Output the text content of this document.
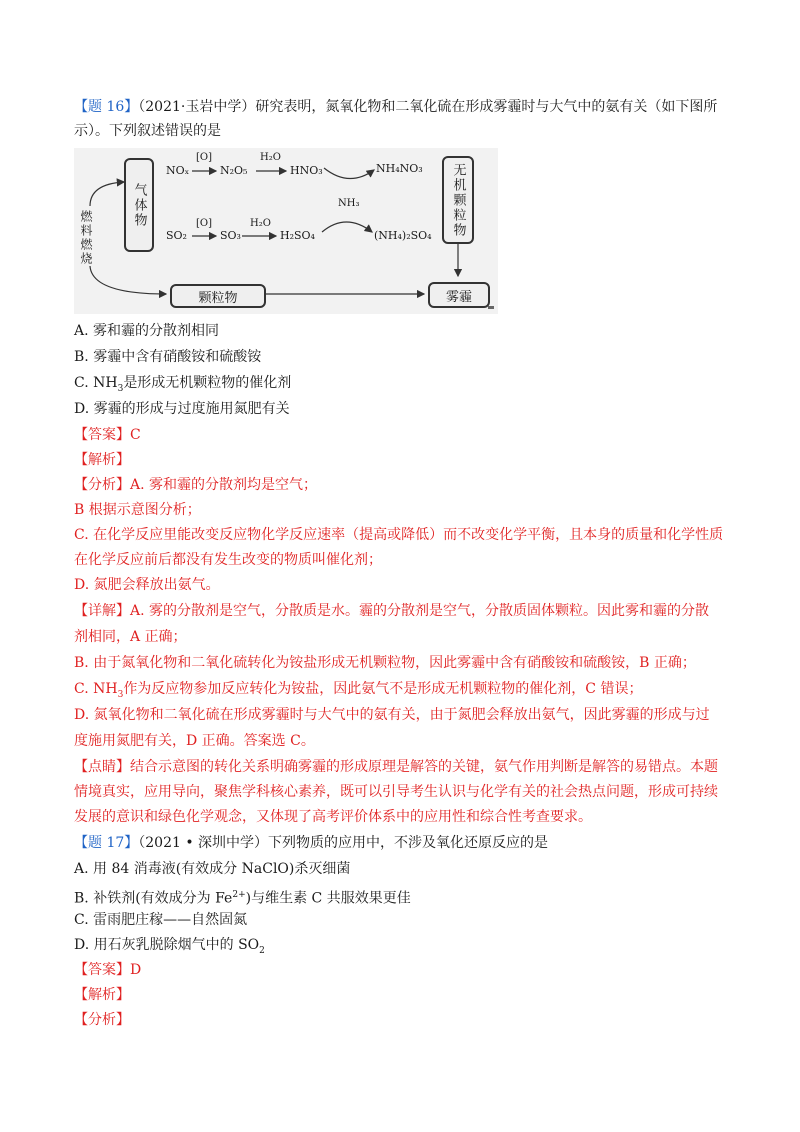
【题 16】（2021·玉岩中学）研究表明，氮氧化物和二氧化硫在形成雾霾时与大气中的氨有关（如下图所
示）。下列叙述错误的是
气体物	无机颗粒物
颗粒物	雾霾
燃料燃烧
[O]	H₂O
[O]	H₂O
NH₃
NOₓ	N₂O₅	HNO₃	NH₄NO₃
SO₂	SO₃	H₂SO₄	(NH₄)₂SO₄
A. 雾和霾的分散剂相同
B. 雾霾中含有硝酸铵和硫酸铵
C. $NH_3$是形成无机颗粒物的催化剂
D. 雾霾的形成与过度施用氮肥有关
【答案】C
【解析】
【分析】A. 雾和霾的分散剂均是空气；
B 根据示意图分析；
C. 在化学反应里能改变反应物化学反应速率（提高或降低）而不改变化学平衡，且本身的质量和化学性质
在化学反应前后都没有发生改变的物质叫催化剂；
D. 氮肥会释放出氨气。
【详解】A. 雾的分散剂是空气，分散质是水。霾的分散剂是空气，分散质固体颗粒。因此雾和霾的分散
剂相同，A 正确；
B. 由于氮氧化物和二氧化硫转化为铵盐形成无机颗粒物，因此雾霾中含有硝酸铵和硫酸铵，B 正确；
C. $NH_3$作为反应物参加反应转化为铵盐，因此氨气不是形成无机颗粒物的催化剂，C 错误；
D. 氮氧化物和二氧化硫在形成雾霾时与大气中的氨有关，由于氮肥会释放出氨气，因此雾霾的形成与过
度施用氮肥有关，D 正确。答案选 C。
【点睛】结合示意图的转化关系明确雾霾的形成原理是解答的关键，氨气作用判断是解答的易错点。本题
情境真实，应用导向，聚焦学科核心素养，既可以引导考生认识与化学有关的社会热点问题，形成可持续
发展的意识和绿色化学观念，又体现了高考评价体系中的应用性和综合性考查要求。
【题 17】（2021 • 深圳中学）下列物质的应用中，不涉及氧化还原反应的是
A. 用 84 消毒液(有效成分 NaClO)杀灭细菌
B. 补铁剂(有效成分为 $Fe^{2+}$)与维生素 C 共服效果更佳
C. 雷雨肥庄稼——自然固氮
D. 用石灰乳脱除烟气中的 $SO_2$
【答案】D
【解析】
【分析】
